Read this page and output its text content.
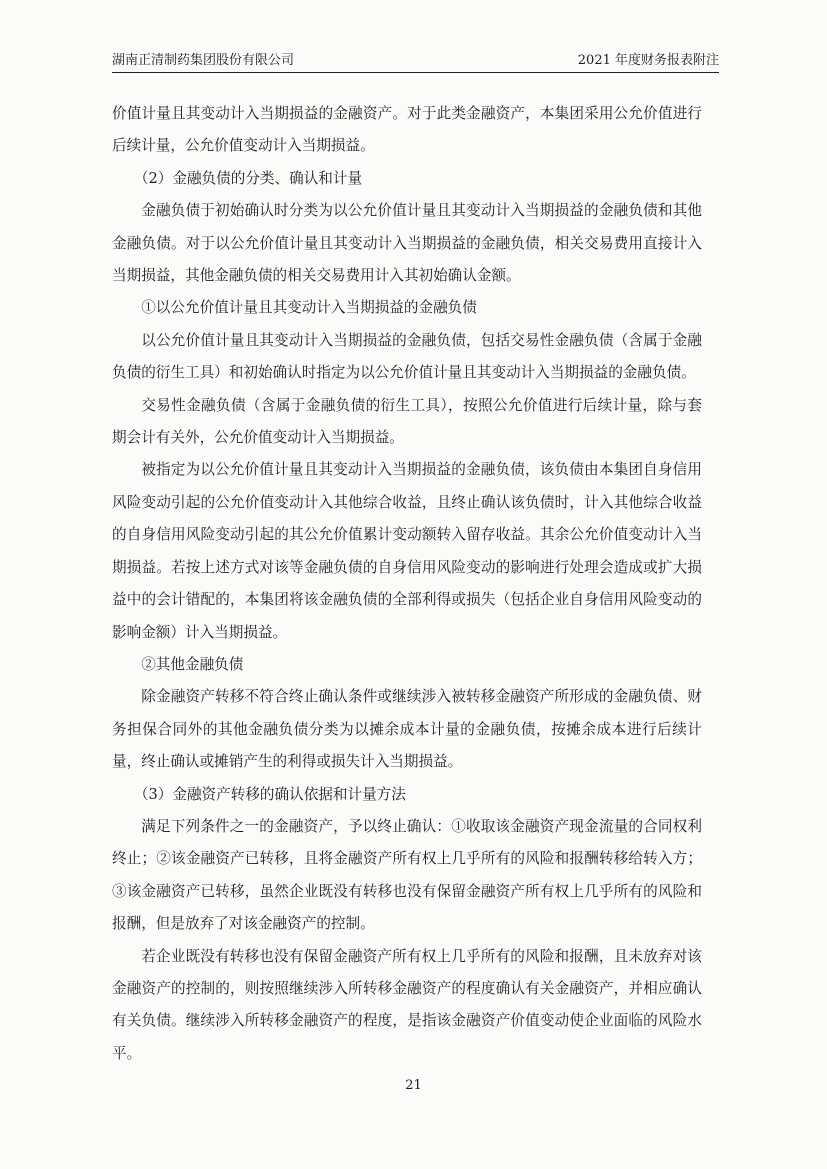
湖南正清制药集团股份有限公司	2021 年度财务报表附注

价值计量且其变动计入当期损益的金融资产。对于此类金融资产，本集团采用公允价值进行后续计量，公允价值变动计入当期损益。

（2）金融负债的分类、确认和计量

金融负债于初始确认时分类为以公允价值计量且其变动计入当期损益的金融负债和其他金融负债。对于以公允价值计量且其变动计入当期损益的金融负债，相关交易费用直接计入当期损益，其他金融负债的相关交易费用计入其初始确认金额。

①以公允价值计量且其变动计入当期损益的金融负债

以公允价值计量且其变动计入当期损益的金融负债，包括交易性金融负债（含属于金融负债的衍生工具）和初始确认时指定为以公允价值计量且其变动计入当期损益的金融负债。

交易性金融负债（含属于金融负债的衍生工具），按照公允价值进行后续计量，除与套期会计有关外，公允价值变动计入当期损益。

被指定为以公允价值计量且其变动计入当期损益的金融负债，该负债由本集团自身信用风险变动引起的公允价值变动计入其他综合收益，且终止确认该负债时，计入其他综合收益的自身信用风险变动引起的其公允价值累计变动额转入留存收益。其余公允价值变动计入当期损益。若按上述方式对该等金融负债的自身信用风险变动的影响进行处理会造成或扩大损益中的会计错配的，本集团将该金融负债的全部利得或损失（包括企业自身信用风险变动的影响金额）计入当期损益。

②其他金融负债

除金融资产转移不符合终止确认条件或继续涉入被转移金融资产所形成的金融负债、财务担保合同外的其他金融负债分类为以摊余成本计量的金融负债，按摊余成本进行后续计量，终止确认或摊销产生的利得或损失计入当期损益。

（3）金融资产转移的确认依据和计量方法

满足下列条件之一的金融资产，予以终止确认：①收取该金融资产现金流量的合同权利终止；②该金融资产已转移，且将金融资产所有权上几乎所有的风险和报酬转移给转入方；③该金融资产已转移，虽然企业既没有转移也没有保留金融资产所有权上几乎所有的风险和报酬，但是放弃了对该金融资产的控制。

若企业既没有转移也没有保留金融资产所有权上几乎所有的风险和报酬，且未放弃对该金融资产的控制的，则按照继续涉入所转移金融资产的程度确认有关金融资产，并相应确认有关负债。继续涉入所转移金融资产的程度，是指该金融资产价值变动使企业面临的风险水平。

21
